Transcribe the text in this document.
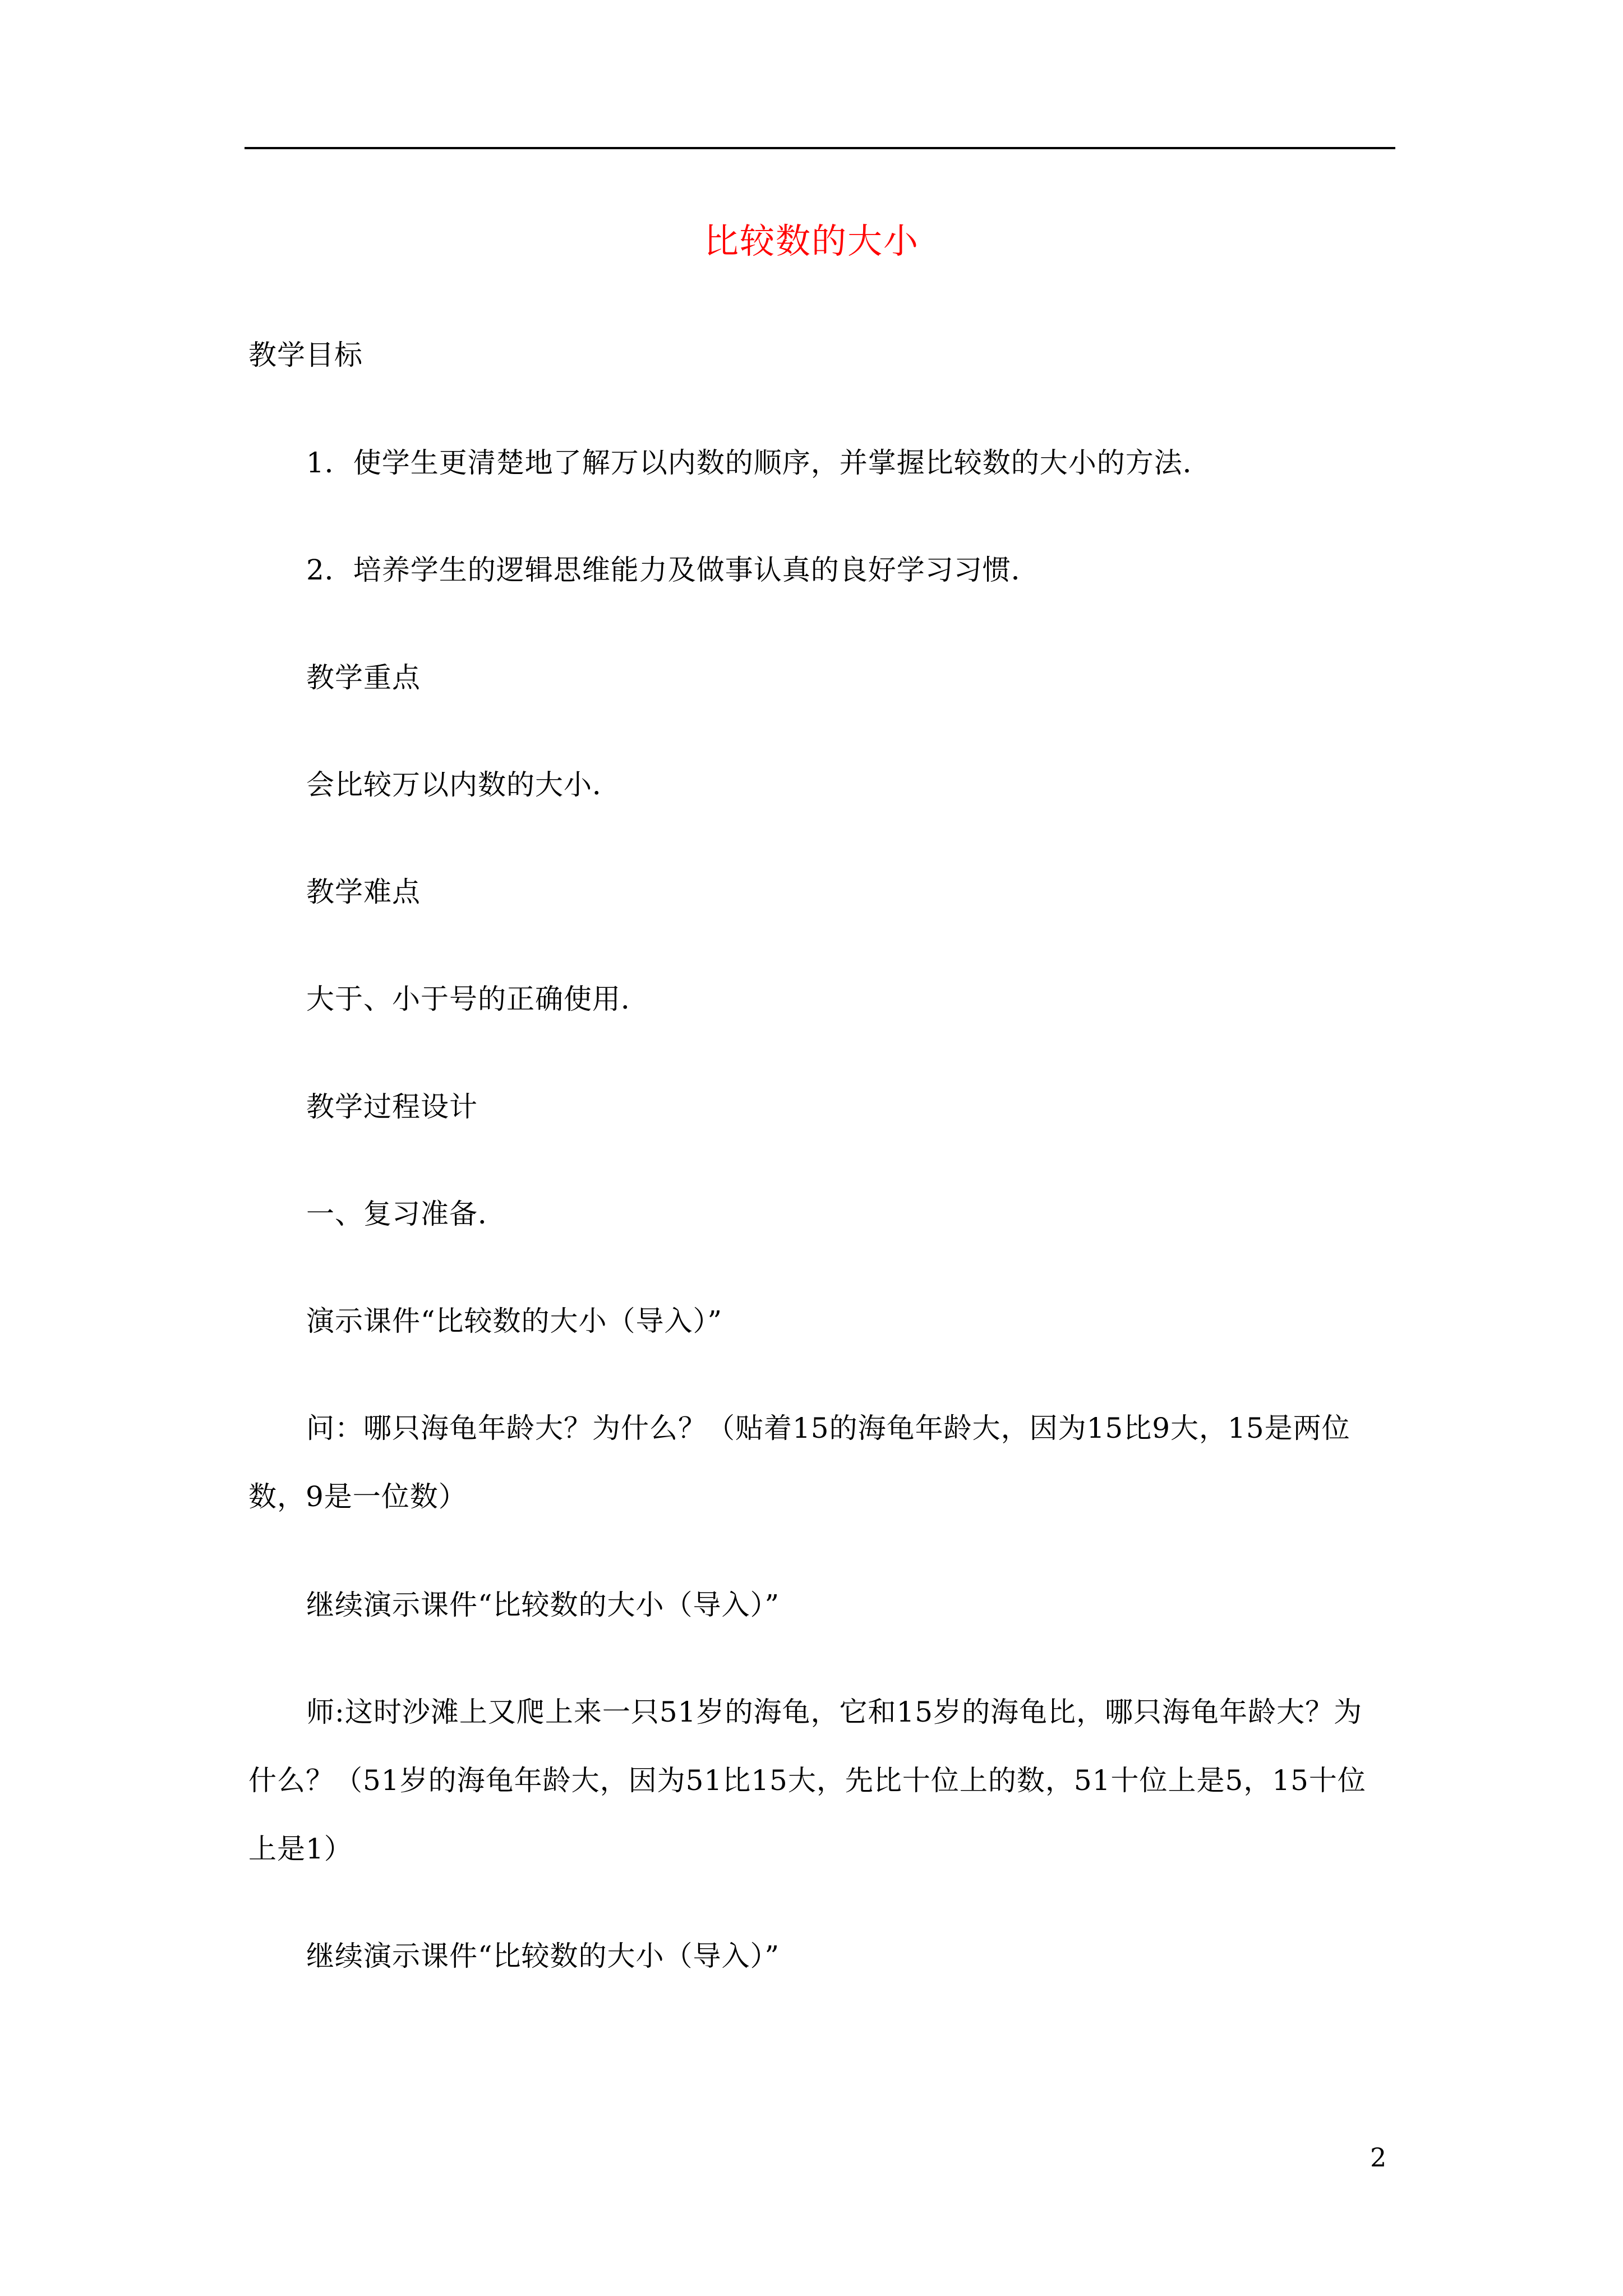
比较数的大小
教学目标
1．使学生更清楚地了解万以内数的顺序，并掌握比较数的大小的方法．
2．培养学生的逻辑思维能力及做事认真的良好学习习惯．
教学重点
会比较万以内数的大小．
教学难点
大于、小于号的正确使用．
教学过程设计
一、复习准备．
演示课件“比较数的大小（导入）”
问：哪只海龟年龄大？为什么？（贴着15的海龟年龄大，因为15比9大，15是两位
数，9是一位数）
继续演示课件“比较数的大小（导入）”
师:这时沙滩上又爬上来一只51岁的海龟，它和15岁的海龟比，哪只海龟年龄大？为
什么？（51岁的海龟年龄大，因为51比15大，先比十位上的数，51十位上是5，15十位
上是1）
继续演示课件“比较数的大小（导入）”
2
